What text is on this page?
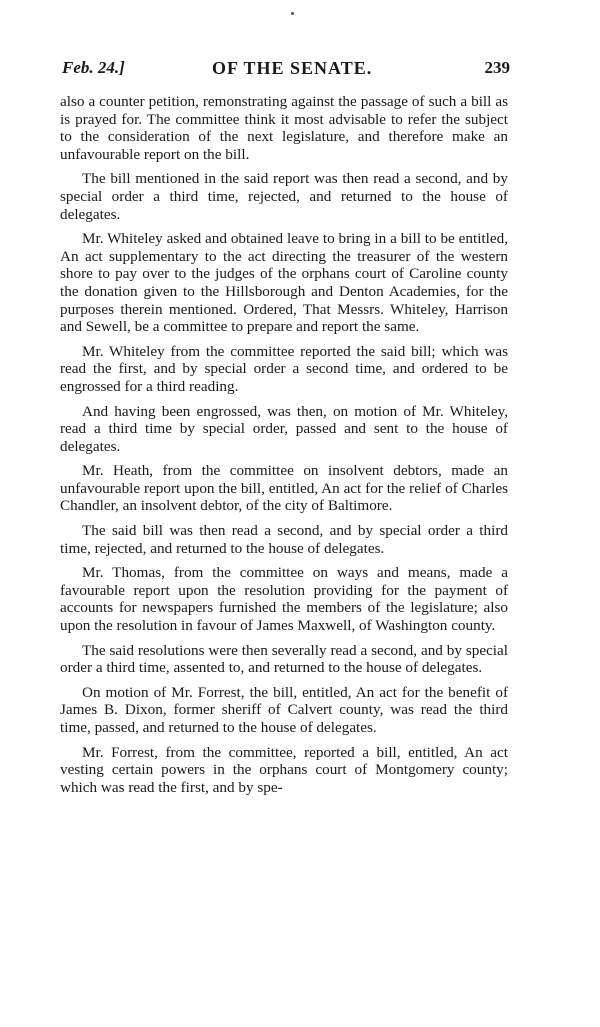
Feb. 24.]	OF THE SENATE.	239

also a counter petition, remonstrating against the passage of such a bill as is prayed for. The committee think it most advisable to refer the subject to the consideration of the next legislature, and therefore make an unfavourable report on the bill.

The bill mentioned in the said report was then read a second, and by special order a third time, rejected, and returned to the house of delegates.

Mr. Whiteley asked and obtained leave to bring in a bill to be entitled, An act supplementary to the act directing the treasurer of the western shore to pay over to the judges of the orphans court of Caroline county the donation given to the Hillsborough and Denton Academies, for the purposes therein mentioned. Ordered, That Messrs. Whiteley, Harrison and Sewell, be a committee to prepare and report the same.

Mr. Whiteley from the committee reported the said bill; which was read the first, and by special order a second time, and ordered to be engrossed for a third reading.

And having been engrossed, was then, on motion of Mr. Whiteley, read a third time by special order, passed and sent to the house of delegates.

Mr. Heath, from the committee on insolvent debtors, made an unfavourable report upon the bill, entitled, An act for the relief of Charles Chandler, an insolvent debtor, of the city of Baltimore.

The said bill was then read a second, and by special order a third time, rejected, and returned to the house of delegates.

Mr. Thomas, from the committee on ways and means, made a favourable report upon the resolution providing for the payment of accounts for newspapers furnished the members of the legislature; also upon the resolution in favour of James Maxwell, of Washington county.

The said resolutions were then severally read a second, and by special order a third time, assented to, and returned to the house of delegates.

On motion of Mr. Forrest, the bill, entitled, An act for the benefit of James B. Dixon, former sheriff of Calvert county, was read the third time, passed, and returned to the house of delegates.

Mr. Forrest, from the committee, reported a bill, entitled, An act vesting certain powers in the orphans court of Montgomery county; which was read the first, and by spe-
